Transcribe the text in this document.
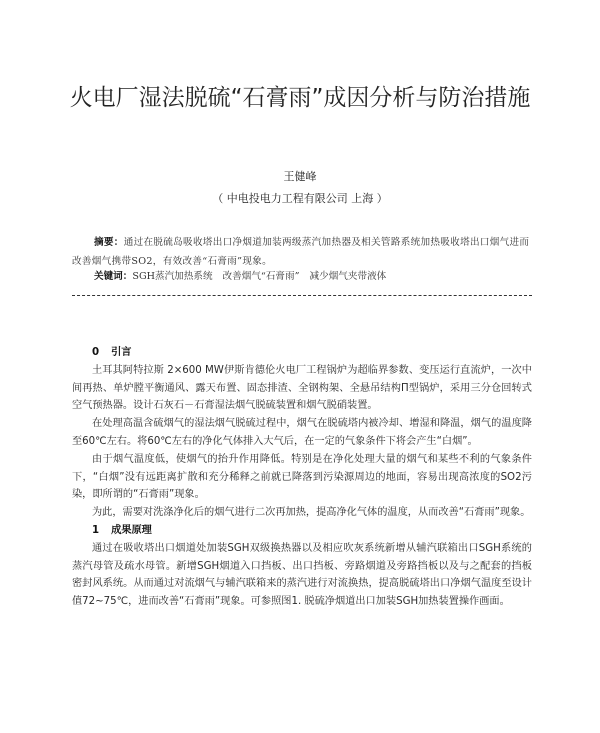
火电厂湿法脱硫“石膏雨”成因分析与防治措施
王健峰
（ 中电投电力工程有限公司 上海 ）

摘要：通过在脱硫岛吸收塔出口净烟道加装两级蒸汽加热器及相关管路系统加热吸收塔出口烟气进而改善烟气携带SO2，有效改善“石膏雨”现象。

关键词：SGH蒸汽加热系统 改善烟气“石膏雨” 减少烟气夹带液体
0 引言

土耳其阿特拉斯 2×600 MW伊斯肯德伦火电厂工程锅炉为超临界参数、变压运行直流炉，一次中间再热、单炉膛平衡通风、露天布置、固态排渣、全钢构架、全悬吊结构Π型锅炉，采用三分仓回转式空气预热器。设计石灰石－石膏湿法烟气脱硫装置和烟气脱硝装置。

在处理高温含硫烟气的湿法烟气脱硫过程中，烟气在脱硫塔内被冷却、增湿和降温，烟气的温度降至60℃左右。将60℃左右的净化气体排入大气后，在一定的气象条件下将会产生“白烟”。

由于烟气温度低，使烟气的抬升作用降低。特别是在净化处理大量的烟气和某些不利的气象条件下，“白烟”没有远距离扩散和充分稀释之前就已降落到污染源周边的地面，容易出现高浓度的SO2污染，即所谓的“石膏雨”现象。

为此，需要对洗涤净化后的烟气进行二次再加热，提高净化气体的温度，从而改善“石膏雨”现象。

1 成果原理

通过在吸收塔出口烟道处加装SGH双级换热器以及相应吹灰系统新增从辅汽联箱出口SGH系统的蒸汽母管及疏水母管。新增SGH烟道入口挡板、出口挡板、旁路烟道及旁路挡板以及与之配套的挡板密封风系统。从而通过对流烟气与辅汽联箱来的蒸汽进行对流换热，提高脱硫塔出口净烟气温度至设计值72~75℃，进而改善“石膏雨”现象。可参照图1. 脱硫净烟道出口加装SGH加热装置操作画面。
